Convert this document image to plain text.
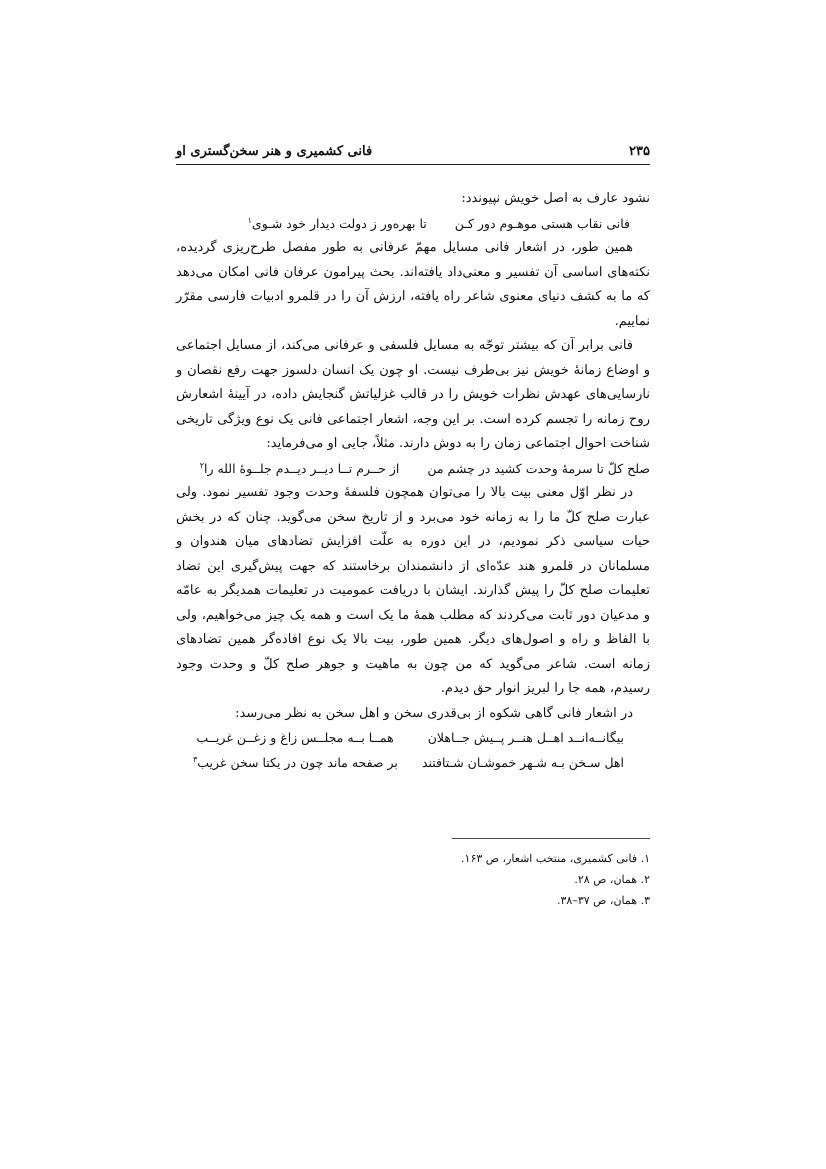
۲۳۵
فانی کشمیری و هنر سخن‌گستری او

نشود عارف به اصل خویش نپیوندد:

فانی نقاب هستی موهـوم دور کـن
تا بهره‌ور ز دولت دیدار خود شـوی$^۱$

همین طور، در اشعار فانی مسایل مهمّ عرفانی به طور مفصل طرح‌ریزی گردیده، نکته‌های اساسی آن تفسیر و معنی‌داد یافته‌اند. بحث پیرامون عرفان فانی امکان می‌دهد که ما به کشف دنیای معنوی شاعر راه یافته، ارزش آن را در قلمرو ادبیات فارسی مقرّر نماییم.

فانی برابر آن که بیشتر توجّه به مسایل فلسفی و عرفانی می‌کند، از مسایل اجتماعی و اوضاع زمانهٔ خویش نیز بی‌طرف نیست. او چون یک انسان دلسوز جهت رفع نقصان و نارسایی‌های عهدش نظرات خویش را در قالب غزلیاتش گنجایش داده، در آیینهٔ اشعارش روح زمانه را تجسم کرده است. بر این وجه، اشعار اجتماعی فانی یک نوع ویژگی تاریخی شناخت احوال اجتماعی زمان را به دوش دارند. مثلاً، جایی او می‌فرماید:

صلح کلّ تا سرمهٔ وحدت کشید در چشم من
از حــرم تــا دیــر دیــدم جلــوهٔ الله را$^۲$

در نظر اوّل معنی بیت بالا را می‌توان همچون فلسفهٔ وحدت وجود تفسیر نمود. ولی عبارت صلح کلّ ما را به زمانه خود می‌برد و از تاریخ سخن می‌گوید. چنان که در بخش حیات سیاسی ذکر نمودیم، در این دوره به علّت افزایش تضادهای میان هندوان و مسلمانان در قلمرو هند عدّه‌ای از دانشمندان برخاستند که جهت پیش‌گیری این تضاد تعلیمات صلح کلّ را پیش گذارند. ایشان با دریافت عمومیت در تعلیمات همدیگر به عامّه و مدعیان دور ثابت می‌کردند که مطلب همهٔ ما یک است و همه یک چیز می‌خواهیم، ولی با الفاظ و راه و اصول‌های دیگر. همین طور، بیت بالا یک نوع افاده‌گر همین تضادهای زمانه است. شاعر می‌گوید که من چون به ماهیت و جوهر صلح کلّ و وحدت وجود رسیدم، همه جا را لبریز انوار حق دیدم.

در اشعار فانی گاهی شکوه از بی‌قدری سخن و اهل سخن به نظر می‌رسد:

بیگانــه‌انــد اهــل هنــر پــیش جــاهلان
همــا بــه مجلــس زاغ و زغــن غریــب
اهل سـخن بـه شـهر خموشـان شـتافتند
بر صفحه ماند چون در یکتا سخن غریب$^۳$
۱. فانی کشمیری، منتخب اشعار، ص ۱۶۳.
۲. همان، ص ۲۸.
۳. همان، ص ۳۷–۳۸.
